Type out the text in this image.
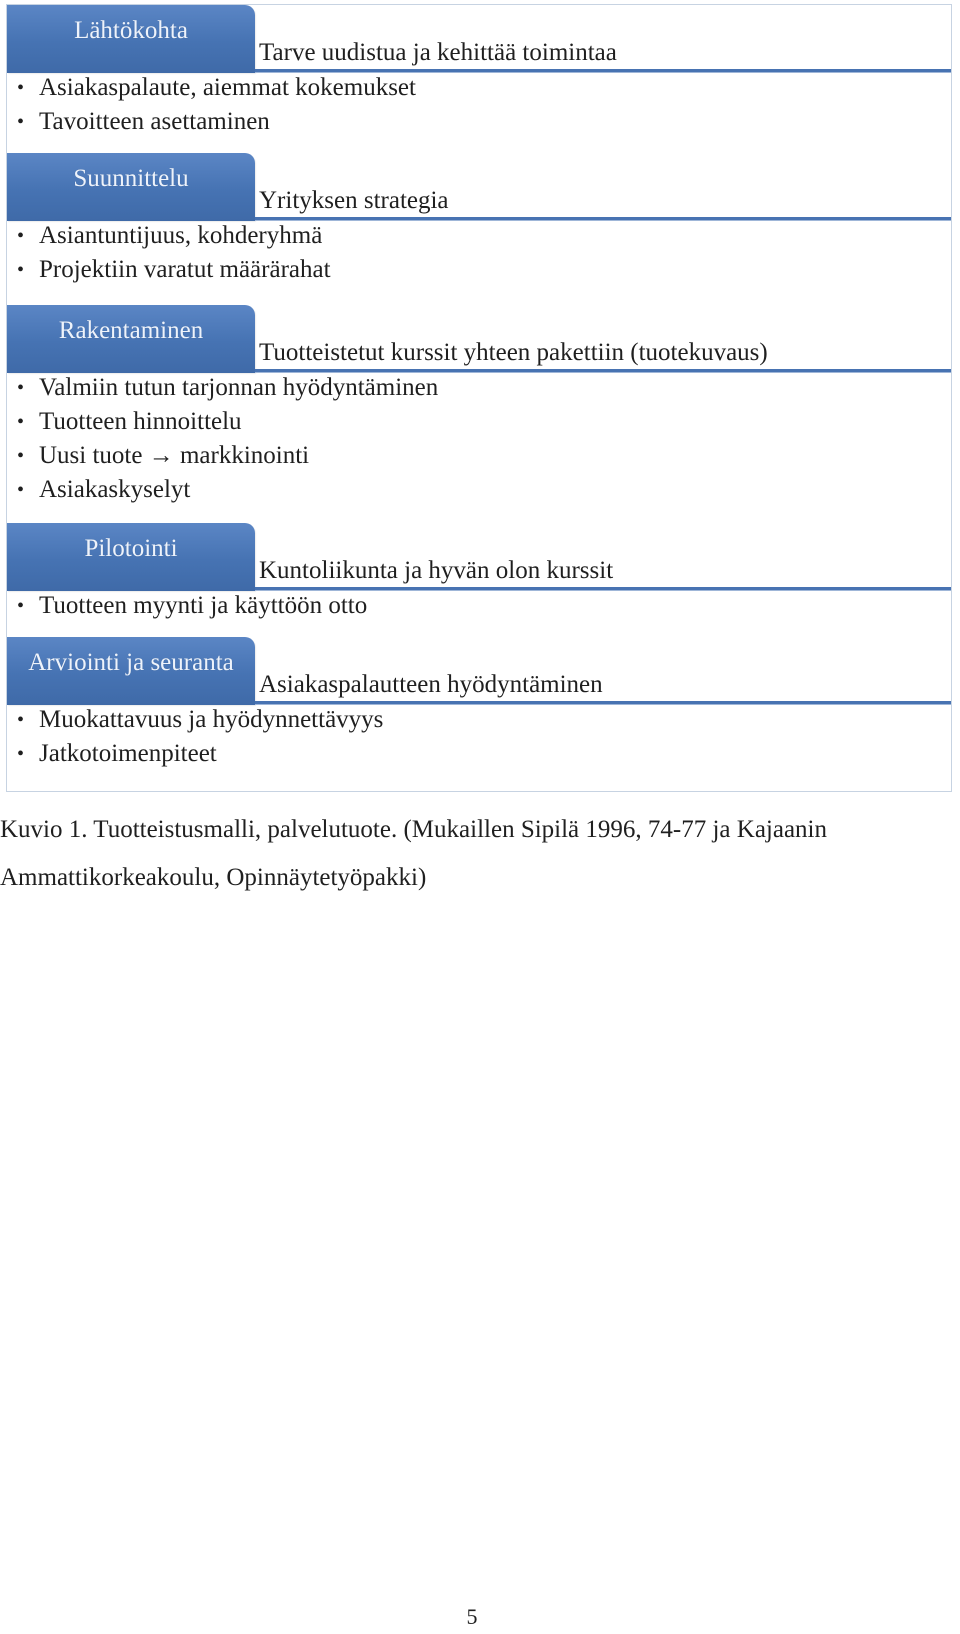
Lähtökohta
Tarve uudistua ja kehittää toimintaa
• Asiakaspalaute, aiemmat kokemukset
• Tavoitteen asettaminen
Suunnittelu
Yrityksen strategia
• Asiantuntijuus, kohderyhmä
• Projektiin varatut määrärahat
Rakentaminen
Tuotteistetut kurssit yhteen pakettiin (tuotekuvaus)
• Valmiin tutun tarjonnan hyödyntäminen
• Tuotteen hinnoittelu
• Uusi tuote → markkinointi
• Asiakaskyselyt
Pilotointi
Kuntoliikunta ja hyvän olon kurssit
• Tuotteen myynti ja käyttöön otto
Arviointi ja seuranta
Asiakaspalautteen hyödyntäminen
• Muokattavuus ja hyödynnettävyys
• Jatkotoimenpiteet
Kuvio 1. Tuotteistusmalli, palvelutuote. (Mukaillen Sipilä 1996, 74-77 ja Kajaanin
Ammattikorkeakoulu, Opinnäytetyöpakki)
5
